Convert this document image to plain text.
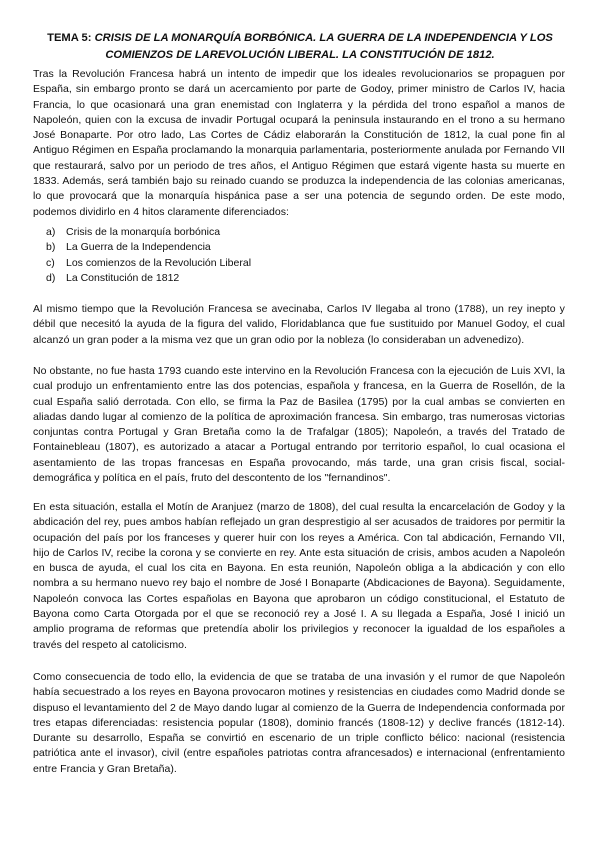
TEMA 5: CRISIS DE LA MONARQUÍA BORBÓNICA. LA GUERRA DE LA INDEPENDENCIA Y LOS
COMIENZOS DE LAREVOLUCIÓN LIBERAL. LA CONSTITUCIÓN DE 1812.

Tras la Revolución Francesa habrá un intento de impedir que los ideales revolucionarios se propaguen por España, sin embargo pronto se dará un acercamiento por parte de Godoy, primer ministro de Carlos IV, hacia Francia, lo que ocasionará una gran enemistad con Inglaterra y la pérdida del trono español a manos de Napoleón, quien con la excusa de invadir Portugal ocupará la peninsula instaurando en el trono a su hermano José Bonaparte. Por otro lado, Las Cortes de Cádiz elaborarán la Constitución de 1812, la cual pone fin al Antiguo Régimen en España proclamando la monarquia parlamentaria, posteriormente anulada por Fernando VII que restaurará, salvo por un periodo de tres años, el Antiguo Régimen que estará vigente hasta su muerte en 1833. Además, será también bajo su reinado cuando se produzca la independencia de las colonias americanas, lo que provocará que la monarquía hispánica pase a ser una potencia de segundo orden. De este modo, podemos dividirlo en 4 hitos claramente diferenciados:

a)	Crisis de la monarquía borbónica
b)	La Guerra de la Independencia
c)	Los comienzos de la Revolución Liberal
d)	La Constitución de 1812

Al mismo tiempo que la Revolución Francesa se avecinaba, Carlos IV llegaba al trono (1788), un rey inepto y débil que necesitó la ayuda de la figura del valido, Floridablanca que fue sustituido por Manuel Godoy, el cual alcanzó un gran poder a la misma vez que un gran odio por la nobleza (lo consideraban un advenedizo).

No obstante, no fue hasta 1793 cuando este intervino en la Revolución Francesa con la ejecución de Luis XVI, la cual produjo un enfrentamiento entre las dos potencias, española y francesa, en la Guerra de Rosellón, de la cual España salió derrotada. Con ello, se firma la Paz de Basilea (1795) por la cual ambas se convierten en aliadas dando lugar al comienzo de la política de aproximación francesa. Sin embargo, tras numerosas victorias conjuntas contra Portugal y Gran Bretaña como la de Trafalgar (1805); Napoleón, a través del Tratado de Fontainebleau (1807), es autorizado a atacar a Portugal entrando por territorio español, lo cual ocasiona el asentamiento de las tropas francesas en España provocando, más tarde, una gran crisis fiscal, social-demográfica y política en el país, fruto del descontento de los "fernandinos".

En esta situación, estalla el Motín de Aranjuez (marzo de 1808), del cual resulta la encarcelación de Godoy y la abdicación del rey, pues ambos habían reflejado un gran desprestigio al ser acusados de traidores por permitir la ocupación del país por los franceses y querer huir con los reyes a América. Con tal abdicación, Fernando VII, hijo de Carlos IV, recibe la corona y se convierte en rey. Ante esta situación de crisis, ambos acuden a Napoleón en busca de ayuda, el cual los cita en Bayona. En esta reunión, Napoleón obliga a la abdicación y con ello nombra a su hermano nuevo rey bajo el nombre de José I Bonaparte (Abdicaciones de Bayona). Seguidamente, Napoleón convoca las Cortes españolas en Bayona que aprobaron un código constitucional, el Estatuto de Bayona como Carta Otorgada por el que se reconoció rey a José I. A su llegada a España, José I inició un amplio programa de reformas que pretendía abolir los privilegios y reconocer la igualdad de los españoles a través del respeto al catolicismo.

Como consecuencia de todo ello, la evidencia de que se trataba de una invasión y el rumor de que Napoleón había secuestrado a los reyes en Bayona provocaron motines y resistencias en ciudades como Madrid donde se dispuso el levantamiento del 2 de Mayo dando lugar al comienzo de la Guerra de Independencia conformada por tres etapas diferenciadas: resistencia popular (1808), dominio francés (1808-12) y declive francés (1812-14). Durante su desarrollo, España se convirtió en escenario de un triple conflicto bélico: nacional (resistencia patriótica ante el invasor), civil (entre españoles patriotas contra afrancesados) e internacional (enfrentamiento entre Francia y Gran Bretaña).
